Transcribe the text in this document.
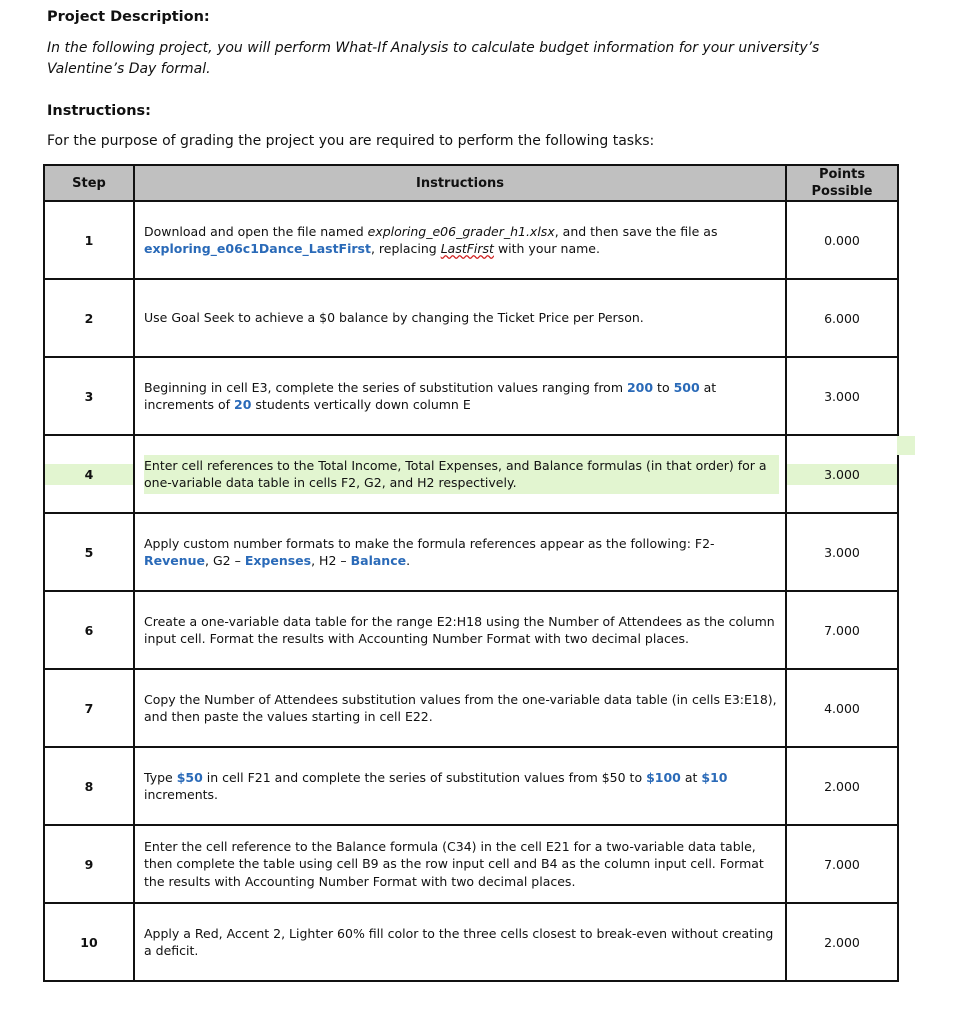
Project Description:
In the following project, you will perform What-If Analysis to calculate budget information for your university’s
Valentine’s Day formal.
Instructions:
For the purpose of grading the project you are required to perform the following tasks:
Step	Instructions	Points
Possible
1	Download and open the file named exploring_e06_grader_h1.xlsx, and then save the file as exploring_e06c1Dance_LastFirst, replacing LastFirst with your name.	0.000
2	Use Goal Seek to achieve a $0 balance by changing the Ticket Price per Person.	6.000
3	Beginning in cell E3, complete the series of substitution values ranging from 200 to 500 at increments of 20 students vertically down column E	3.000

4	Enter cell references to the Total Income, Total Expenses, and Balance formulas (in that order) for a one-variable data table in cells F2, G2, and H2 respectively.	3.000

5	Apply custom number formats to make the formula references appear as the following: F2- Revenue, G2 – Expenses, H2 – Balance.	3.000
6	Create a one-variable data table for the range E2:H18 using the Number of Attendees as the column input cell. Format the results with Accounting Number Format with two decimal places.	7.000
7	Copy the Number of Attendees substitution values from the one-variable data table (in cells E3:E18), and then paste the values starting in cell E22.	4.000
8	Type $50 in cell F21 and complete the series of substitution values from $50 to $100 at $10 increments.	2.000
9	Enter the cell reference to the Balance formula (C34) in the cell E21 for a two-variable data table, then complete the table using cell B9 as the row input cell and B4 as the column input cell. Format the results with Accounting Number Format with two decimal places.	7.000
10	Apply a Red, Accent 2, Lighter 60% fill color to the three cells closest to break-even without creating a deficit.	2.000
